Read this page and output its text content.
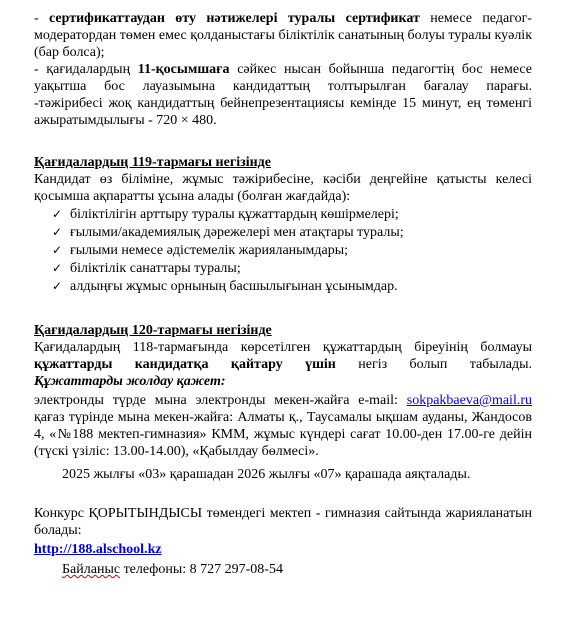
- сертификаттаудан өту нәтижелері туралы сертификат немесе педагог-
модератордан төмен емес қолданыстағы біліктілік санатының болуы туралы куәлік
(бар болса);
- қағидалардың 11-қосымшаға сәйкес нысан бойынша педагогтің бос немесе
уақытша бос лауазымына кандидаттың толтырылған бағалау парағы.
-тәжірибесі жоқ кандидаттың бейнепрезентациясы кемінде 15 минут, ең төменгі
ажыратымдылығы - 720 × 480.
Қағидалардың 119-тармағы негізінде
Кандидат өз біліміне, жұмыс тәжірибесіне, кәсіби деңгейіне қатысты келесі
қосымша ақпаратты ұсына алады (болған жағдайда):
✓ біліктілігін арттыру туралы құжаттардың көшірмелері;
✓ ғылыми/академиялық дәрежелері мен атақтары туралы;
✓ ғылыми немесе әдістемелік жарияланымдары;
✓ біліктілік санаттары туралы;
✓ алдыңғы жұмыс орнының басшылығынан ұсынымдар.
Қағидалардың 120-тармағы негізінде
Қағидалардың 118-тармағында көрсетілген құжаттардың біреуінің болмауы
құжаттарды кандидатқа қайтару үшін негіз болып табылады.
Құжаттарды жолдау қажет:
электронды түрде мына электронды мекен-жайға e-mail: sokpakbaeva@mail.ru
қағаз түрінде мына мекен-жайға: Алматы қ., Таусамалы ықшам ауданы, Жандосов
4, «№188 мектеп-гимназия» КММ, жұмыс күндері сағат 10.00-ден 17.00-ге дейін
(түскі үзіліс: 13.00-14.00), «Қабылдау бөлмесі».
2025 жылғы «03» қарашадан 2026 жылғы «07» қарашада аяқталады.
Конкурс ҚОРЫТЫНДЫСЫ төмендегі мектеп - гимназия сайтында жарияланатын
болады:
http://188.alschool.kz
Байланыс телефоны: 8 727 297-08-54
